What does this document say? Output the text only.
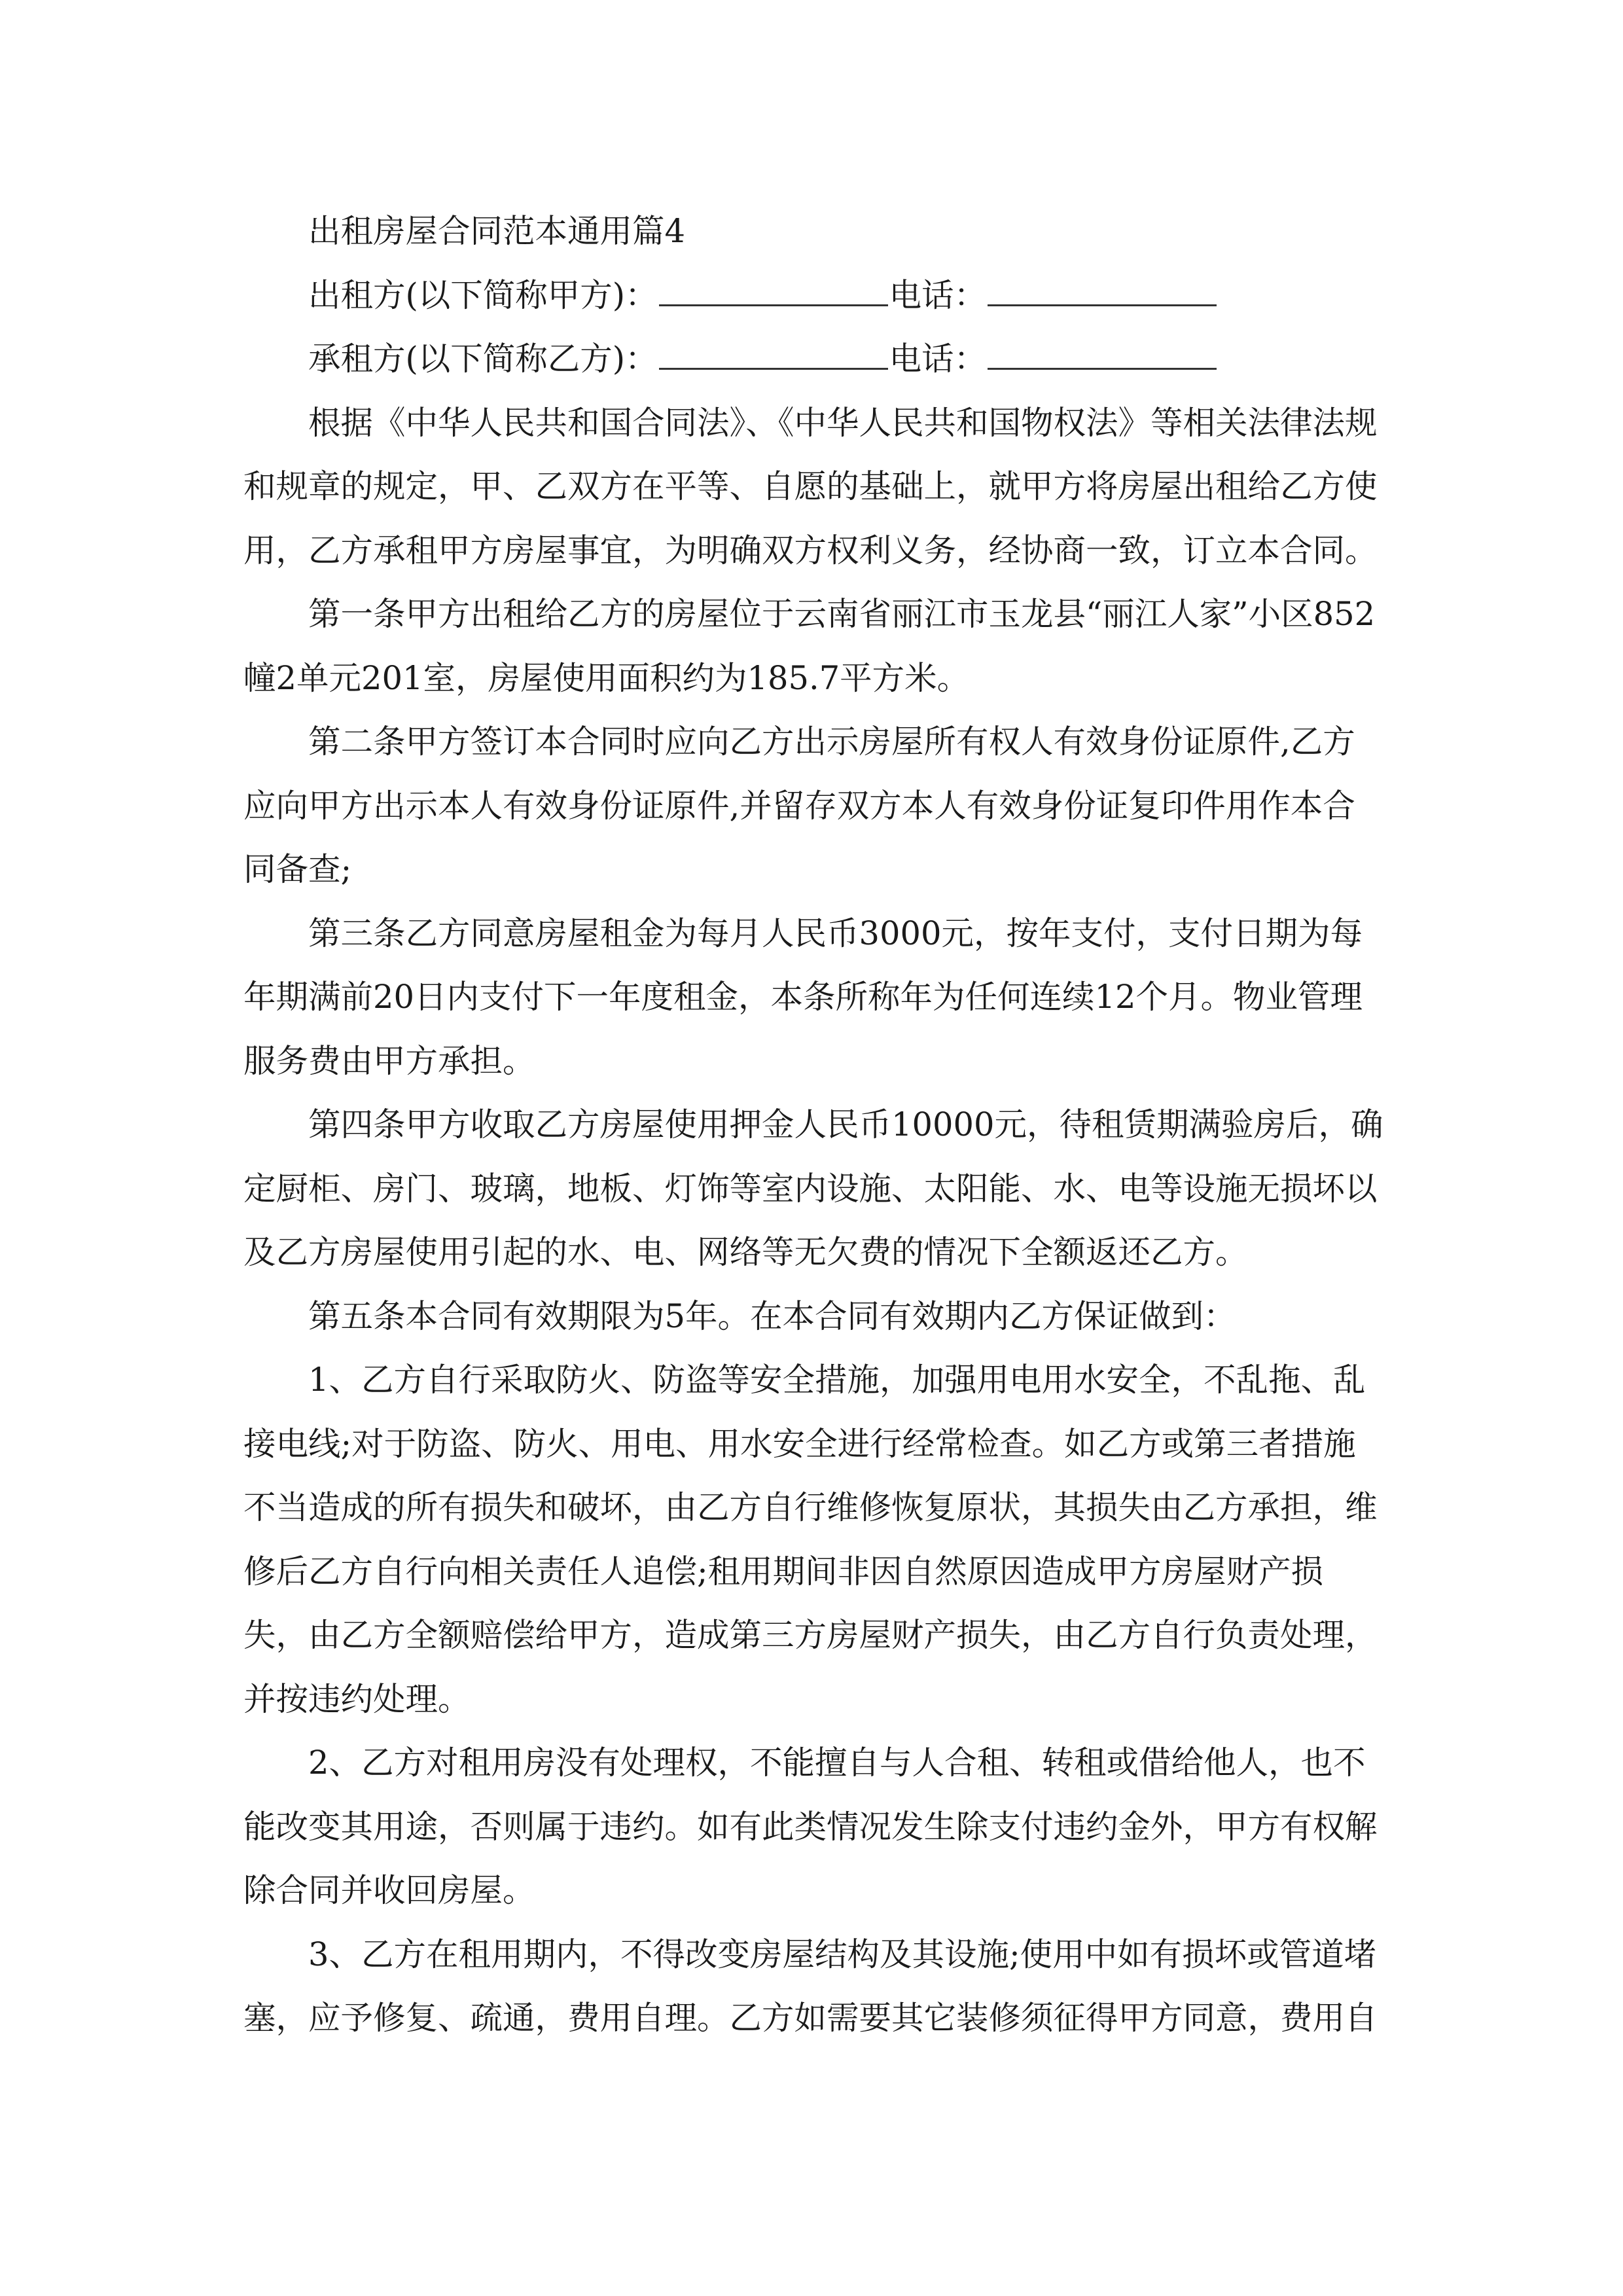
出租房屋合同范本通用篇4

出租方(以下简称甲方)：	电话：

承租方(以下简称乙方)：	电话：

根据《中华人民共和国合同法》、《中华人民共和国物权法》等相关法律法规和规章的规定，甲、乙双方在平等、自愿的基础上，就甲方将房屋出租给乙方使用，乙方承租甲方房屋事宜，为明确双方权利义务，经协商一致，订立本合同。

第一条甲方出租给乙方的房屋位于云南省丽江市玉龙县“丽江人家”小区852幢2单元201室，房屋使用面积约为185.7平方米。

第二条甲方签订本合同时应向乙方出示房屋所有权人有效身份证原件,乙方应向甲方出示本人有效身份证原件,并留存双方本人有效身份证复印件用作本合同备查;

第三条乙方同意房屋租金为每月人民币3000元，按年支付，支付日期为每年期满前20日内支付下一年度租金，本条所称年为任何连续12个月。物业管理服务费由甲方承担。

第四条甲方收取乙方房屋使用押金人民币10000元，待租赁期满验房后，确定厨柜、房门、玻璃，地板、灯饰等室内设施、太阳能、水、电等设施无损坏以及乙方房屋使用引起的水、电、网络等无欠费的情况下全额返还乙方。

第五条本合同有效期限为5年。在本合同有效期内乙方保证做到：

1、乙方自行采取防火、防盗等安全措施，加强用电用水安全，不乱拖、乱接电线;对于防盗、防火、用电、用水安全进行经常检查。如乙方或第三者措施不当造成的所有损失和破坏，由乙方自行维修恢复原状，其损失由乙方承担，维修后乙方自行向相关责任人追偿;租用期间非因自然原因造成甲方房屋财产损失，由乙方全额赔偿给甲方，造成第三方房屋财产损失，由乙方自行负责处理，并按违约处理。

2、乙方对租用房没有处理权，不能擅自与人合租、转租或借给他人，也不能改变其用途，否则属于违约。如有此类情况发生除支付违约金外，甲方有权解除合同并收回房屋。

3、乙方在租用期内，不得改变房屋结构及其设施;使用中如有损坏或管道堵塞，应予修复、疏通，费用自理。乙方如需要其它装修须征得甲方同意，费用自
